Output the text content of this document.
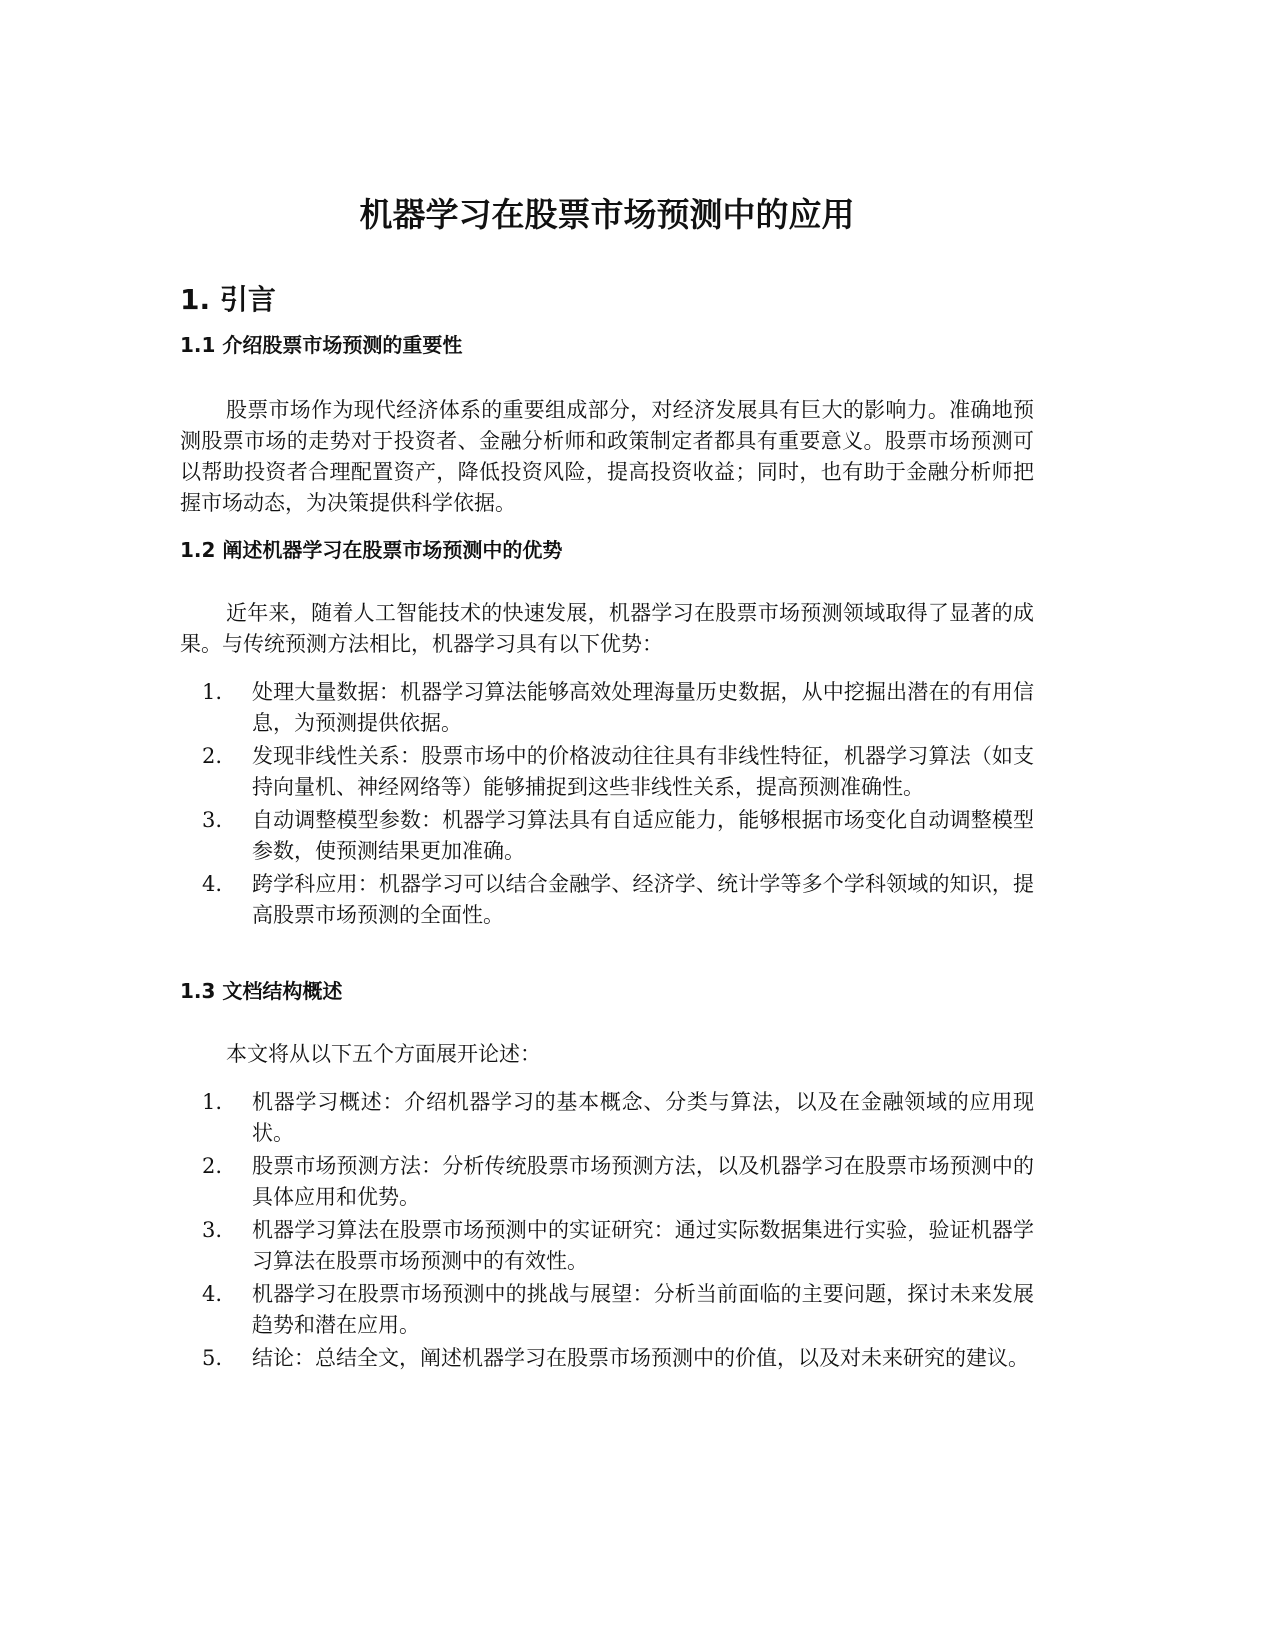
机器学习在股票市场预测中的应用
1. 引言
1.1 介绍股票市场预测的重要性

股票市场作为现代经济体系的重要组成部分，对经济发展具有巨大的影响力。准确地预测股票市场的走势对于投资者、金融分析师和政策制定者都具有重要意义。股票市场预测可以帮助投资者合理配置资产，降低投资风险，提高投资收益；同时，也有助于金融分析师把握市场动态，为决策提供科学依据。

1.2 阐述机器学习在股票市场预测中的优势

近年来，随着人工智能技术的快速发展，机器学习在股票市场预测领域取得了显著的成果。与传统预测方法相比，机器学习具有以下优势：

1. 处理大量数据：机器学习算法能够高效处理海量历史数据，从中挖掘出潜在的有用信息，为预测提供依据。
2. 发现非线性关系：股票市场中的价格波动往往具有非线性特征，机器学习算法（如支持向量机、神经网络等）能够捕捉到这些非线性关系，提高预测准确性。
3. 自动调整模型参数：机器学习算法具有自适应能力，能够根据市场变化自动调整模型参数，使预测结果更加准确。
4. 跨学科应用：机器学习可以结合金融学、经济学、统计学等多个学科领域的知识，提高股票市场预测的全面性。
1.3 文档结构概述

本文将从以下五个方面展开论述：

1. 机器学习概述：介绍机器学习的基本概念、分类与算法，以及在金融领域的应用现状。
2. 股票市场预测方法：分析传统股票市场预测方法，以及机器学习在股票市场预测中的具体应用和优势。
3. 机器学习算法在股票市场预测中的实证研究：通过实际数据集进行实验，验证机器学习算法在股票市场预测中的有效性。
4. 机器学习在股票市场预测中的挑战与展望：分析当前面临的主要问题，探讨未来发展趋势和潜在应用。
5. 结论：总结全文，阐述机器学习在股票市场预测中的价值，以及对未来研究的建议。
